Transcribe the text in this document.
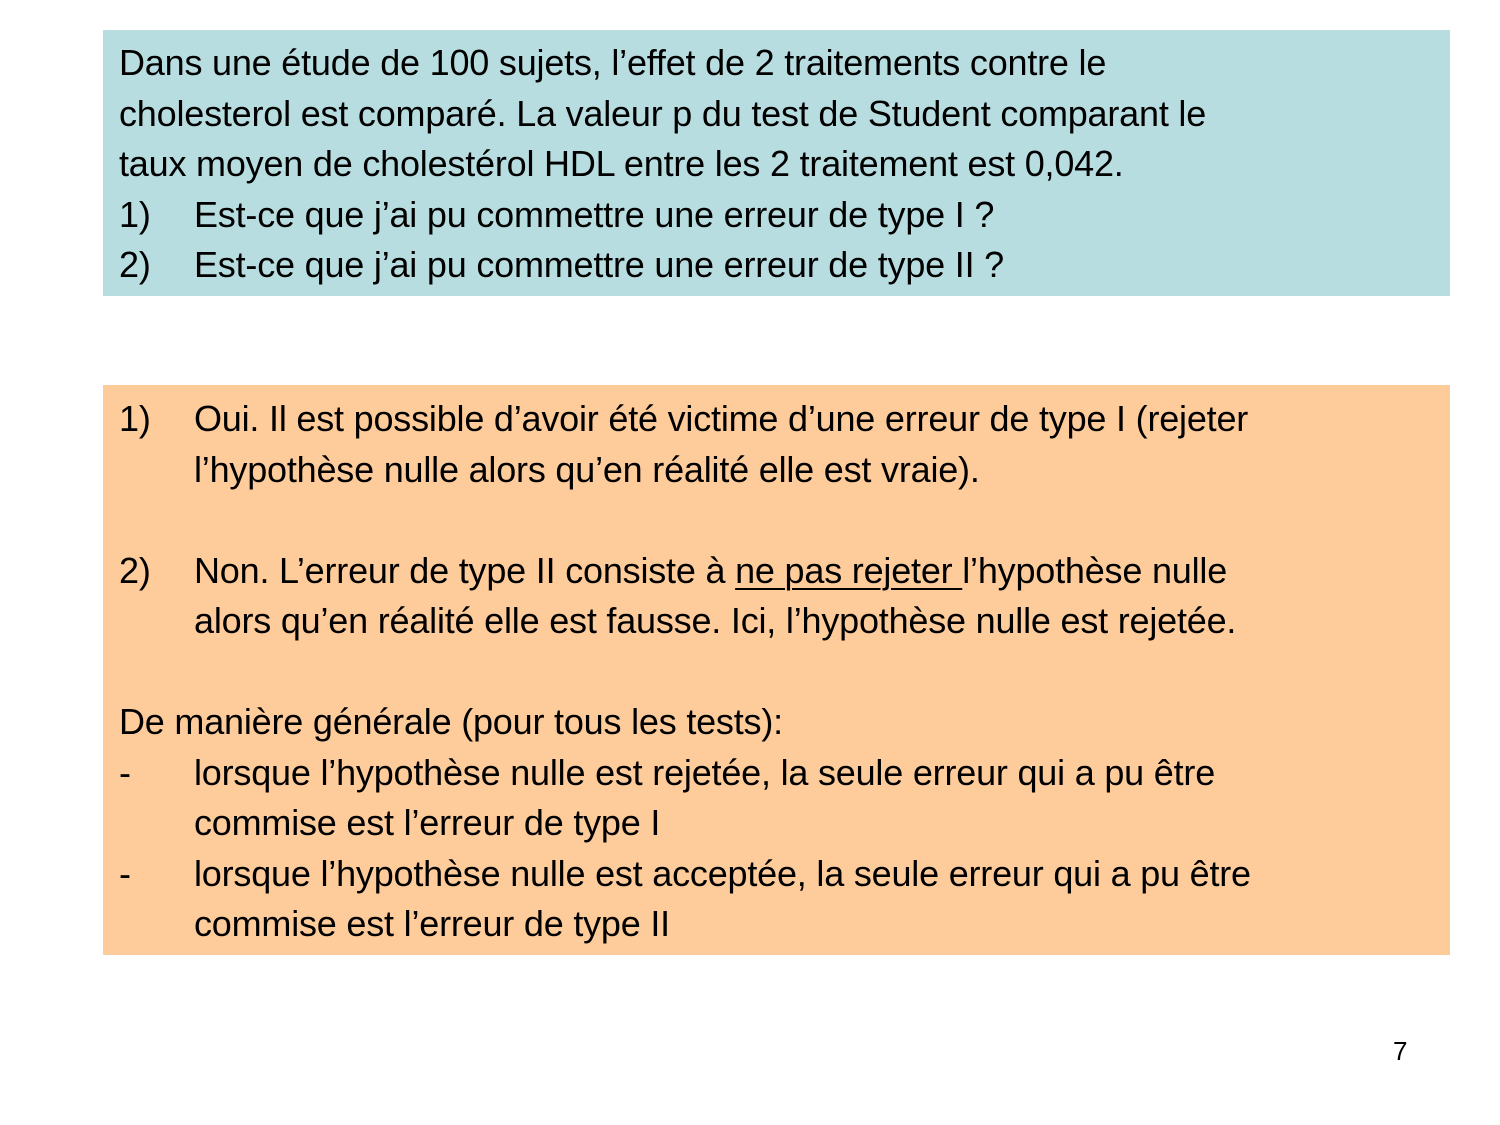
Dans une étude de 100 sujets, l’effet de 2 traitements contre le
cholesterol est comparé. La valeur p du test de Student comparant le
taux moyen de cholestérol HDL entre les 2 traitement est 0,042.
1)	Est-ce que j’ai pu commettre une erreur de type I ?
2)	Est-ce que j’ai pu commettre une erreur de type II ?
1)	Oui. Il est possible d’avoir été victime d’une erreur de type I (rejeter
l’hypothèse nulle alors qu’en réalité elle est vraie).
2)	Non. L’erreur de type II consiste à ne pas rejeter l’hypothèse nulle
alors qu’en réalité elle est fausse. Ici, l’hypothèse nulle est rejetée.
De manière générale (pour tous les tests):
-	lorsque l’hypothèse nulle est rejetée, la seule erreur qui a pu être
commise est l’erreur de type I
-	lorsque l’hypothèse nulle est acceptée, la seule erreur qui a pu être
commise est l’erreur de type II
7
